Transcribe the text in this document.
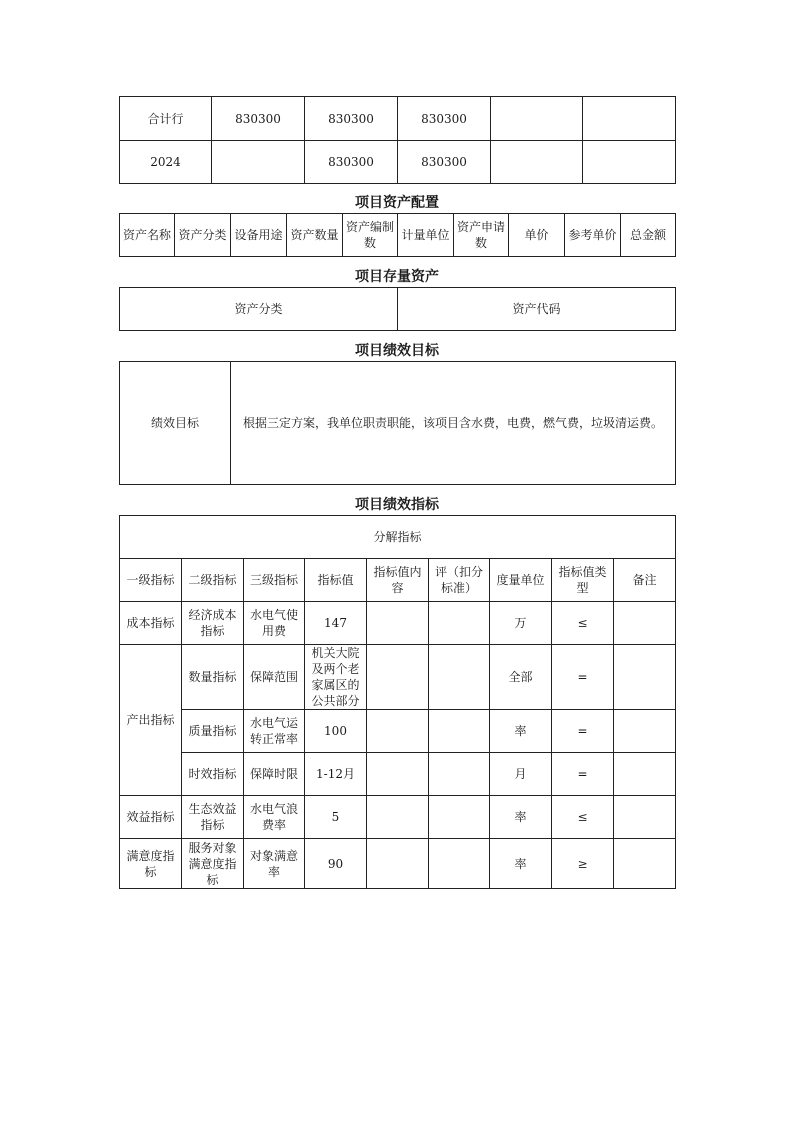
合计行	830300	830300	830300		
2024		830300	830300		
项目资产配置
资产名称	资产分类	设备用途	资产数量	资产编制数	计量单位	资产申请数	单价	参考单价	总金额
项目存量资产
资产分类	资产代码
项目绩效目标
绩效目标	根据三定方案，我单位职责职能，该项目含水费，电费，燃气费，垃圾清运费。
项目绩效指标
分解指标								
一级指标	二级指标	三级指标	指标值	指标值内容	评（扣分标准）	度量单位	指标值类型	备注
成本指标	经济成本指标	水电气使用费	147			万	≤	
产出指标	数量指标	保障范围	机关大院及两个老家属区的公共部分			全部	=	
	质量指标	水电气运转正常率	100			率	=	
	时效指标	保障时限	1-12月			月	=	
效益指标	生态效益指标	水电气浪费率	5			率	≤	
满意度指标	服务对象满意度指标	对象满意率	90			率	≥	
